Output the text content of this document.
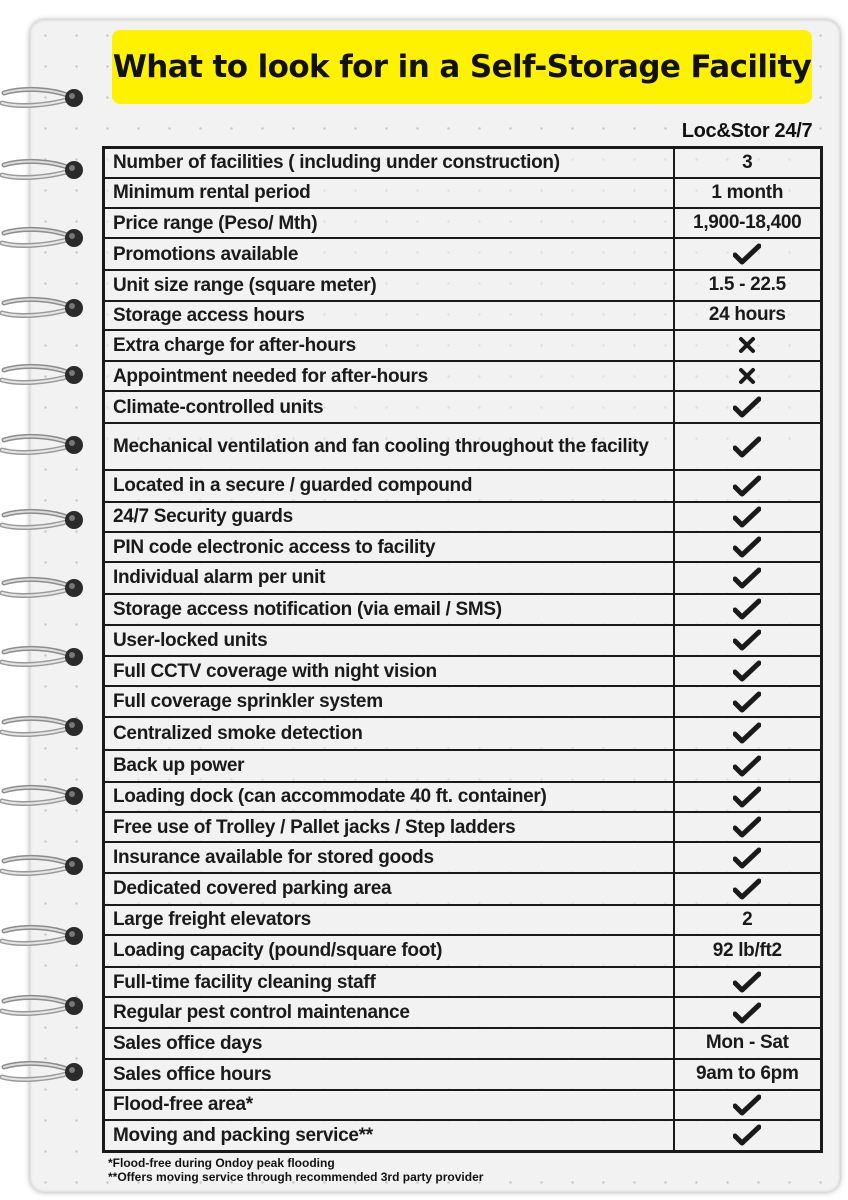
What to look for in a Self-Storage Facility
Loc&Stor 24/7
Number of facilities ( including under construction)	3
Minimum rental period	1 month
Price range (Peso/ Mth)	1,900-18,400
Promotions available	
Unit size range (square meter)	1.5 - 22.5
Storage access hours	24 hours
Extra charge for after-hours	
Appointment needed for after-hours	
Climate-controlled units	
Mechanical ventilation and fan cooling throughout the facility	
Located in a secure / guarded compound	
24/7 Security guards	
PIN code electronic access to facility	
Individual alarm per unit	
Storage access notification (via email / SMS)	
User-locked units	
Full CCTV coverage with night vision	
Full coverage sprinkler system	
Centralized smoke detection	
Back up power	
Loading dock (can accommodate 40 ft. container)	
Free use of Trolley / Pallet jacks / Step ladders	
Insurance available for stored goods	
Dedicated covered parking area	
Large freight elevators	2
Loading capacity (pound/square foot)	92 lb/ft2
Full-time facility cleaning staff	
Regular pest control maintenance	
Sales office days	Mon - Sat
Sales office hours	9am to 6pm
Flood-free area*	
Moving and packing service**	
*Flood-free during Ondoy peak flooding
**Offers moving service through recommended 3rd party provider
